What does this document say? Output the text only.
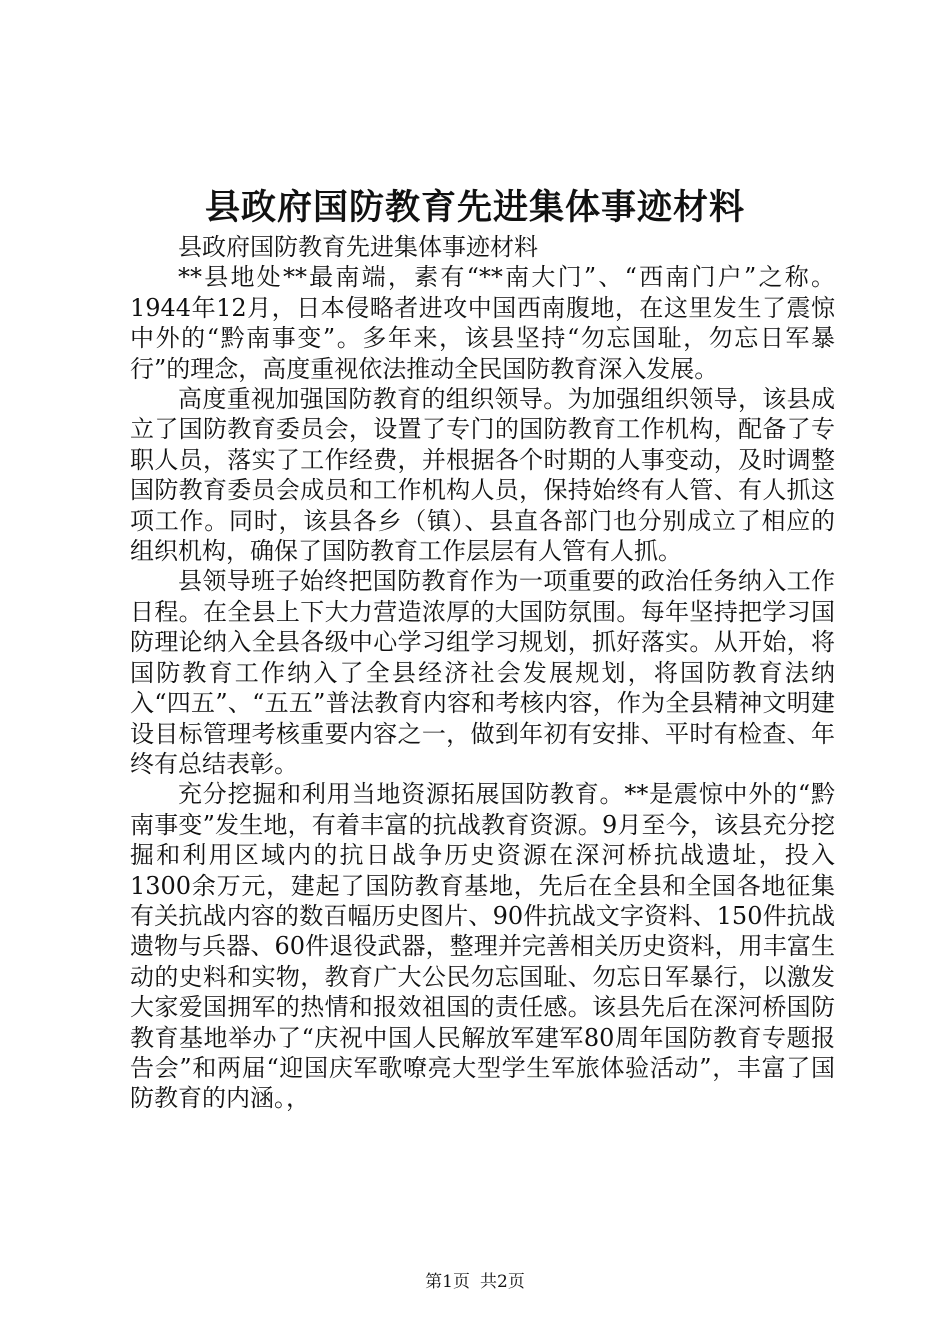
县政府国防教育先进集体事迹材料

县政府国防教育先进集体事迹材料

**县地处**最南端，素有“**南大门”、“西南门户”之称。1944年12月，日本侵略者进攻中国西南腹地，在这里发生了震惊中外的“黔南事变”。多年来，该县坚持“勿忘国耻，勿忘日军暴行”的理念，高度重视依法推动全民国防教育深入发展。

高度重视加强国防教育的组织领导。为加强组织领导，该县成立了国防教育委员会，设置了专门的国防教育工作机构，配备了专职人员，落实了工作经费，并根据各个时期的人事变动，及时调整国防教育委员会成员和工作机构人员，保持始终有人管、有人抓这项工作。同时，该县各乡（镇）、县直各部门也分别成立了相应的组织机构，确保了国防教育工作层层有人管有人抓。

县领导班子始终把国防教育作为一项重要的政治任务纳入工作日程。在全县上下大力营造浓厚的大国防氛围。每年坚持把学习国防理论纳入全县各级中心学习组学习规划，抓好落实。从开始，将国防教育工作纳入了全县经济社会发展规划，将国防教育法纳入“四五”、“五五”普法教育内容和考核内容，作为全县精神文明建设目标管理考核重要内容之一，做到年初有安排、平时有检查、年终有总结表彰。

充分挖掘和利用当地资源拓展国防教育。**是震惊中外的“黔南事变”发生地，有着丰富的抗战教育资源。9月至今，该县充分挖掘和利用区域内的抗日战争历史资源在深河桥抗战遗址，投入1300余万元，建起了国防教育基地，先后在全县和全国各地征集有关抗战内容的数百幅历史图片、90件抗战文字资料、150件抗战遗物与兵器、60件退役武器，整理并完善相关历史资料，用丰富生动的史料和实物，教育广大公民勿忘国耻、勿忘日军暴行，以激发大家爱国拥军的热情和报效祖国的责任感。该县先后在深河桥国防教育基地举办了“庆祝中国人民解放军建军80周年国防教育专题报告会”和两届“迎国庆军歌嘹亮大型学生军旅体验活动”，丰富了国防教育的内涵。，

第1页 共2页
